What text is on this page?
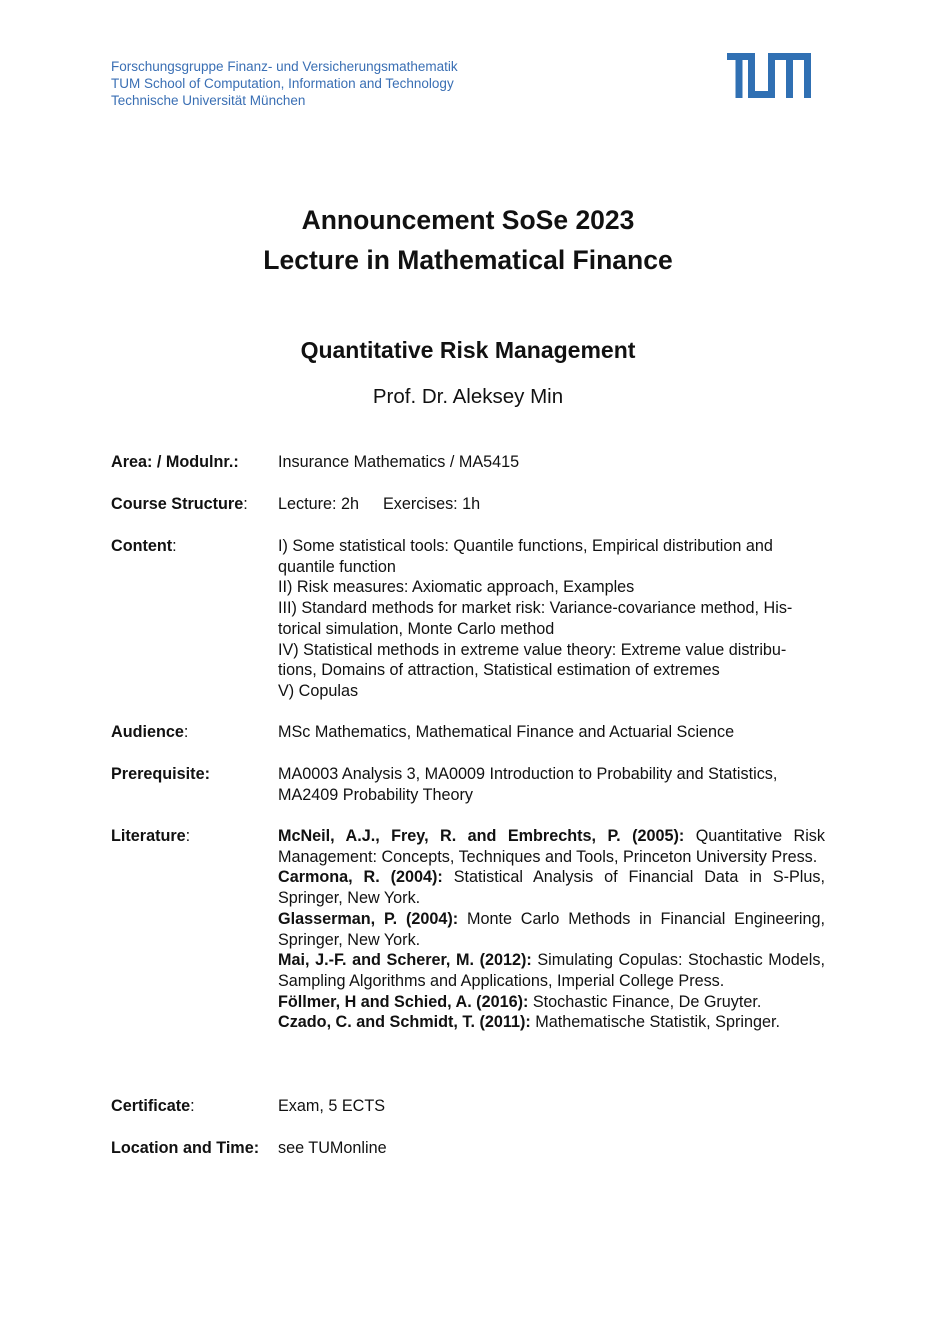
Forschungsgruppe Finanz- und Versicherungsmathematik
TUM School of Computation, Information and Technology
Technische Universität München
Announcement SoSe 2023
Lecture in Mathematical Finance
Quantitative Risk Management
Prof. Dr. Aleksey Min
Area: / Modulnr.: Insurance Mathematics / MA5415
Course Structure: Lecture: 2h Exercises: 1h
Content:	I) Some statistical tools: Quantile functions, Empirical distribution and
quantile function
II) Risk measures: Axiomatic approach, Examples
III) Standard methods for market risk: Variance-covariance method, His-
torical simulation, Monte Carlo method
IV) Statistical methods in extreme value theory: Extreme value distribu-
tions, Domains of attraction, Statistical estimation of extremes
V) Copulas
Audience:	MSc Mathematics, Mathematical Finance and Actuarial Science
Prerequisite:	MA0003 Analysis 3, MA0009 Introduction to Probability and Statistics, MA2409 Probability Theory
Literature:	McNeil, A.J., Frey, R. and Embrechts, P. (2005): Quantitative Risk Management: Concepts, Techniques and Tools, Princeton University Press.
Carmona, R. (2004): Statistical Analysis of Financial Data in S-Plus, Springer, New York.
Glasserman, P. (2004): Monte Carlo Methods in Financial Engineering, Springer, New York.
Mai, J.-F. and Scherer, M. (2012): Simulating Copulas: Stochastic Models, Sampling Algorithms and Applications, Imperial College Press.
Föllmer, H and Schied, A. (2016): Stochastic Finance, De Gruyter.
Czado, C. and Schmidt, T. (2011): Mathematische Statistik, Springer.
Certificate:	Exam, 5 ECTS
Location and Time: see TUMonline
